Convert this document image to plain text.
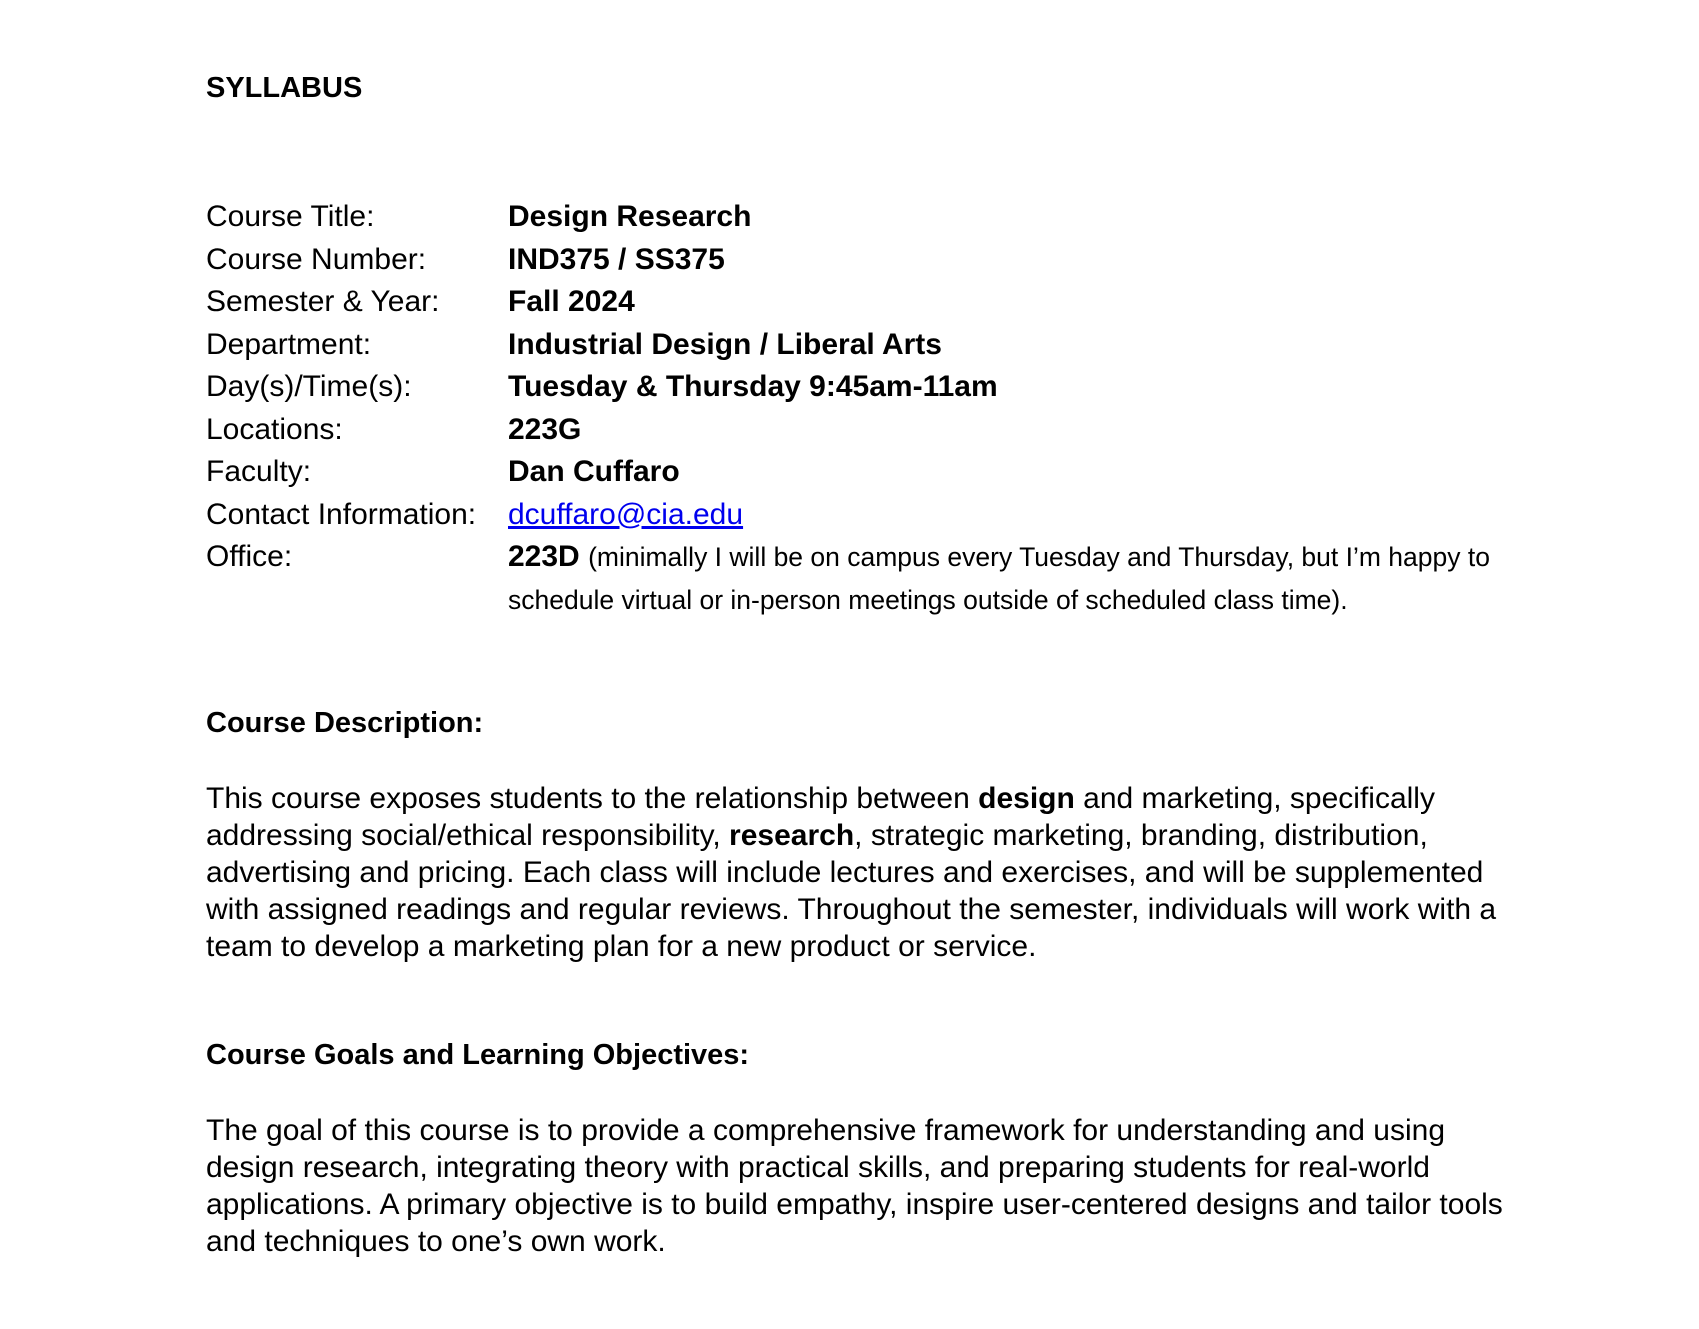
SYLLABUS
Course Title:	Design Research
Course Number:	IND375 / SS375
Semester & Year:	Fall 2024
Department:	Industrial Design / Liberal Arts
Day(s)/Time(s):	Tuesday & Thursday 9:45am-11am
Locations:	223G
Faculty:	Dan Cuffaro
Contact Information:	dcuffaro@cia.edu
Office:	223D (minimally I will be on campus every Tuesday and Thursday, but I’m happy to schedule virtual or in-person meetings outside of scheduled class time).
Course Description:

This course exposes students to the relationship between design and marketing, specifically addressing social/ethical responsibility, research, strategic marketing, branding, distribution, advertising and pricing. Each class will include lectures and exercises, and will be supplemented with assigned readings and regular reviews. Throughout the semester, individuals will work with a team to develop a marketing plan for a new product or service.

Course Goals and Learning Objectives:

The goal of this course is to provide a comprehensive framework for understanding and using design research, integrating theory with practical skills, and preparing students for real-world applications. A primary objective is to build empathy, inspire user-centered designs and tailor tools and techniques to one’s own work.
